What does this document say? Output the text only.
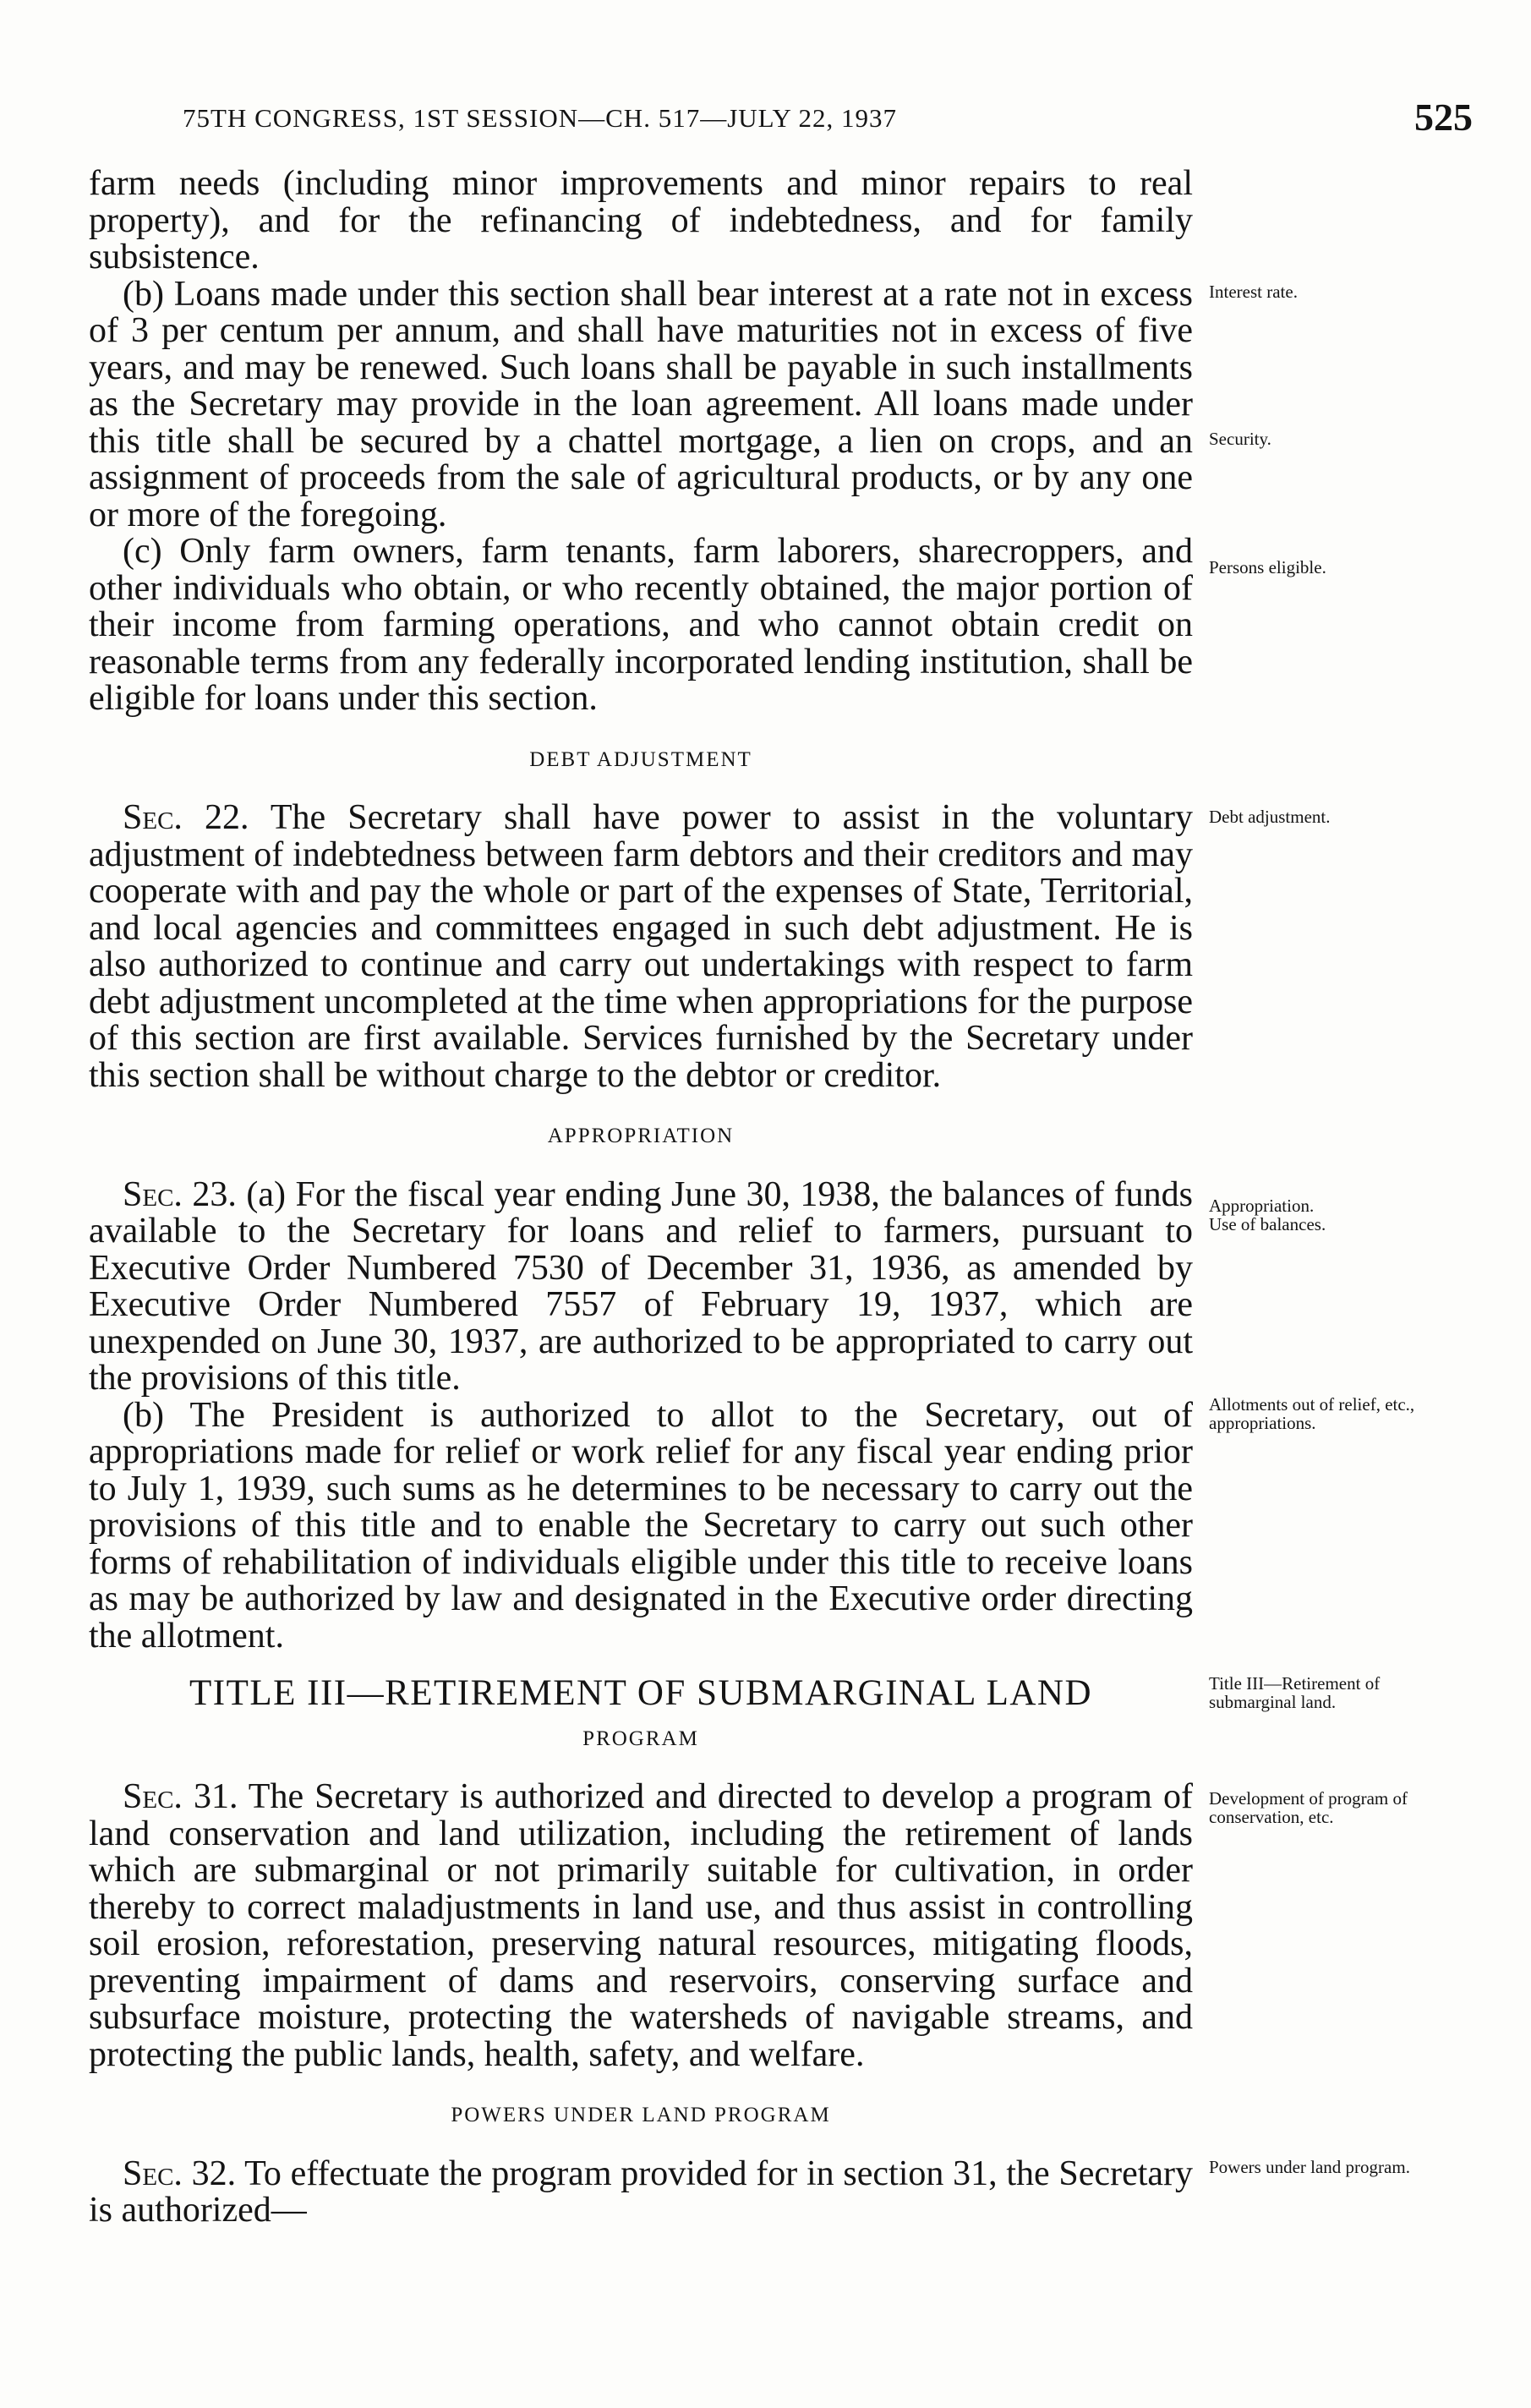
75TH CONGRESS, 1ST SESSION—CH. 517—JULY 22, 1937	525

farm needs (including minor improvements and minor repairs to real property), and for the refinancing of indebtedness, and for family subsistence.

(b) Loans made under this section shall bear interest at a rate not in excess of 3 per centum per annum, and shall have maturities not in excess of five years, and may be renewed. Such loans shall be payable in such installments as the Secretary may provide in the loan agreement. All loans made under this title shall be secured by a chattel mortgage, a lien on crops, and an assignment of proceeds from the sale of agricultural products, or by any one or more of the foregoing.

(c) Only farm owners, farm tenants, farm laborers, sharecroppers, and other individuals who obtain, or who recently obtained, the major portion of their income from farming operations, and who cannot obtain credit on reasonable terms from any federally incorporated lending institution, shall be eligible for loans under this section.

DEBT ADJUSTMENT

Sec. 22. The Secretary shall have power to assist in the voluntary adjustment of indebtedness between farm debtors and their creditors and may cooperate with and pay the whole or part of the expenses of State, Territorial, and local agencies and committees engaged in such debt adjustment. He is also authorized to continue and carry out undertakings with respect to farm debt adjustment uncompleted at the time when appropriations for the purpose of this section are first available. Services furnished by the Secretary under this section shall be without charge to the debtor or creditor.

APPROPRIATION

Sec. 23. (a) For the fiscal year ending June 30, 1938, the balances of funds available to the Secretary for loans and relief to farmers, pursuant to Executive Order Numbered 7530 of December 31, 1936, as amended by Executive Order Numbered 7557 of February 19, 1937, which are unexpended on June 30, 1937, are authorized to be appropriated to carry out the provisions of this title.

(b) The President is authorized to allot to the Secretary, out of appropriations made for relief or work relief for any fiscal year ending prior to July 1, 1939, such sums as he determines to be necessary to carry out the provisions of this title and to enable the Secretary to carry out such other forms of rehabilitation of individuals eligible under this title to receive loans as may be authorized by law and designated in the Executive order directing the allotment.

TITLE III—RETIREMENT OF SUBMARGINAL LAND
PROGRAM

Sec. 31. The Secretary is authorized and directed to develop a program of land conservation and land utilization, including the retirement of lands which are submarginal or not primarily suitable for cultivation, in order thereby to correct maladjustments in land use, and thus assist in controlling soil erosion, reforestation, preserving natural resources, mitigating floods, preventing impairment of dams and reservoirs, conserving surface and subsurface moisture, protecting the watersheds of navigable streams, and protecting the public lands, health, safety, and welfare.

POWERS UNDER LAND PROGRAM

Sec. 32. To effectuate the program provided for in section 31, the Secretary is authorized—

Interest rate.
Security.
Persons eligible.
Debt adjustment.
Appropriation.
Use of balances.
Allotments out of relief, etc., appropriations.
Title III—Retirement of submarginal land.
Development of program of conservation, etc.
Powers under land program.
